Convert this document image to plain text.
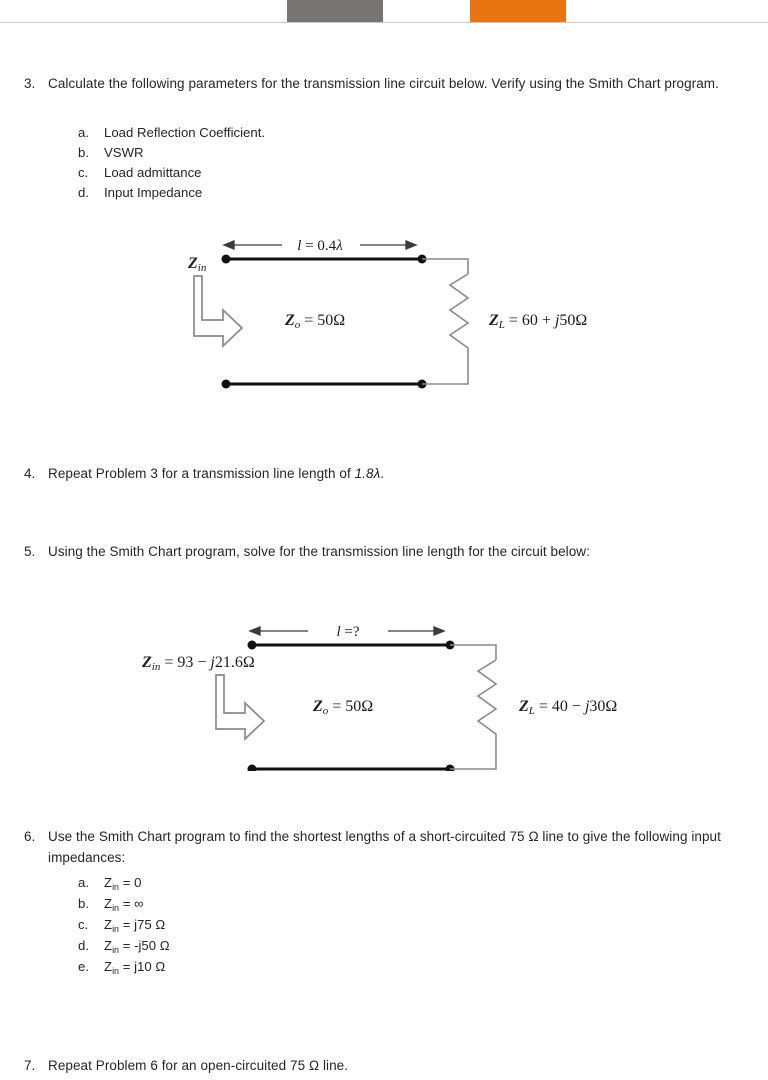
3. Calculate the following parameters for the transmission line circuit below. Verify using the Smith Chart program.
a.	Load Reflection Coefficient.
b.	VSWR
c.	Load admittance
d.	Input Impedance
l = 0.4λ
Zin
Zo = 50Ω	ZL = 60 + j50Ω
4. Repeat Problem 3 for a transmission line length of 1.8λ.
5. Using the Smith Chart program, solve for the transmission line length for the circuit below:
l =?
Zin = 93 − j21.6Ω
Zo = 50Ω	ZL = 40 − j30Ω
6. Use the Smith Chart program to find the shortest lengths of a short-circuited 75 Ω line to give the following input impedances:
a.	$Z_{in} = 0$
b.	$Z_{in}$ = ∞
c.	$Z_{in} = j75$ Ω
d.	$Z_{in} = -j50$ Ω
e.	$Z_{in} = j10$ Ω
7. Repeat Problem 6 for an open-circuited 75 Ω line.
